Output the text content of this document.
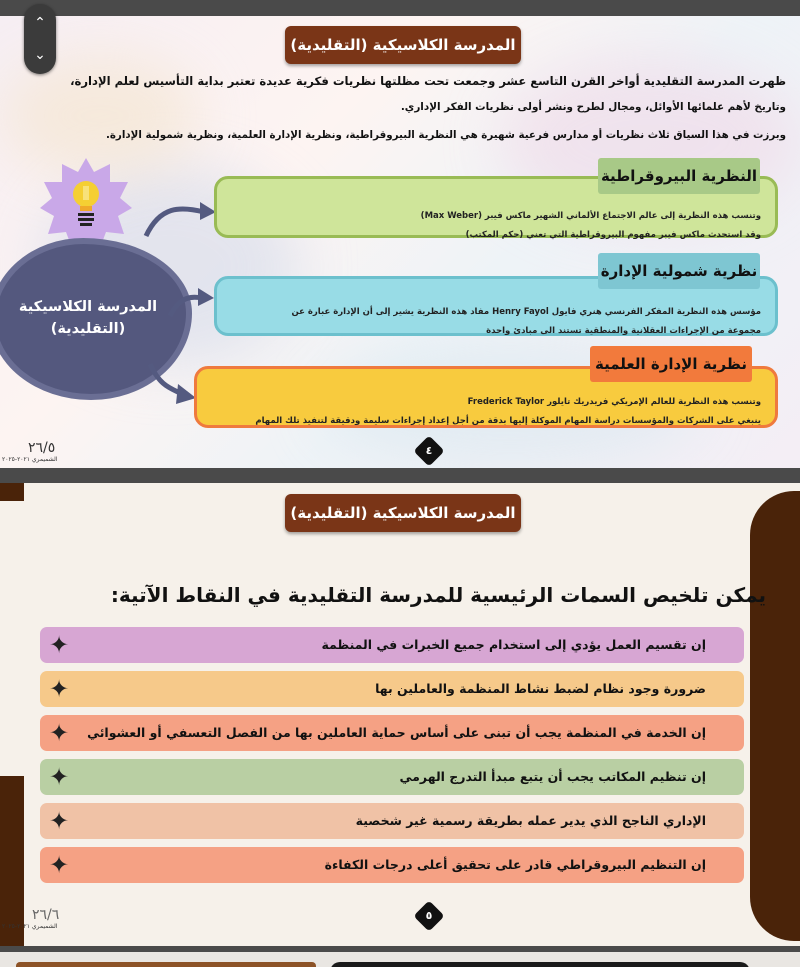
المدرسة الكلاسيكية (التقليدية)
ظهرت المدرسة التقليدية أواخر القرن التاسع عشر وجمعت تحت مظلتها نظريات فكرية عديدة تعتبر بداية التأسيس لعلم الإدارة،
وتاريخ لأهم علمائها الأوائل، ومجال لطرح ونشر أولى نظريات الفكر الإداري.
وبرزت في هذا السياق ثلاث نظريات أو مدارس فرعية شهيرة هي النظرية البيروقراطية، ونظرية الإدارة العلمية، ونظرية شمولية الإدارة.
المدرسة الكلاسيكية
(التقليدية)
وتنسب هذه النظرية إلى عالم الاجتماع الألماني الشهير ماكس فيبر (Max Weber)
وقد استحدث ماكس فيبر مفهوم البيروقراطية التي تعني (حكم المكتب)
النظرية البيروقراطية
مؤسس هذه النظرية المفكر الفرنسي هنري فايول Henry Fayol مفاد هذه النظرية يشير إلى أن الإدارة عبارة عن
مجموعة من الإجراءات العقلانية والمنطقية تستند الى مبادئ واحدة
نظرية شمولية الإدارة
وتنسب هذه النظرية للعالم الإمريكي فريدريك تايلور Frederick Taylor
ينبغي على الشركات والمؤسسات دراسة المهام الموكلة إليها بدقة من أجل إعداد إجراءات سليمة ودقيقة لتنفيذ تلك المهام
نظرية الإدارة العلمية
٤
٢٦/٥
الشميمري ٢٠٢١-٢٠٢٥
⌃
⌄
المدرسة الكلاسيكية (التقليدية)
يمكن تلخيص السمات الرئيسية للمدرسة التقليدية في النقاط الآتية:
إن تقسيم العمل يؤدي إلى استخدام جميع الخبرات في المنظمة
✦
ضرورة وجود نظام لضبط نشاط المنظمة والعاملين بها
✦
إن الخدمة في المنظمة يجب أن تبنى على أساس حماية العاملين بها من الفصل التعسفي أو العشوائي
✦
إن تنظيم المكاتب يجب أن يتبع مبدأ التدرج الهرمي
✦
الإداري الناجح الذي يدير عمله بطريقة رسمية غير شخصية
✦
إن التنظيم البيروقراطي قادر على تحقيق أعلى درجات الكفاءة
✦
٥
٢٦/٦
الشميمري ٢٠٢١-٢٠٢٥
